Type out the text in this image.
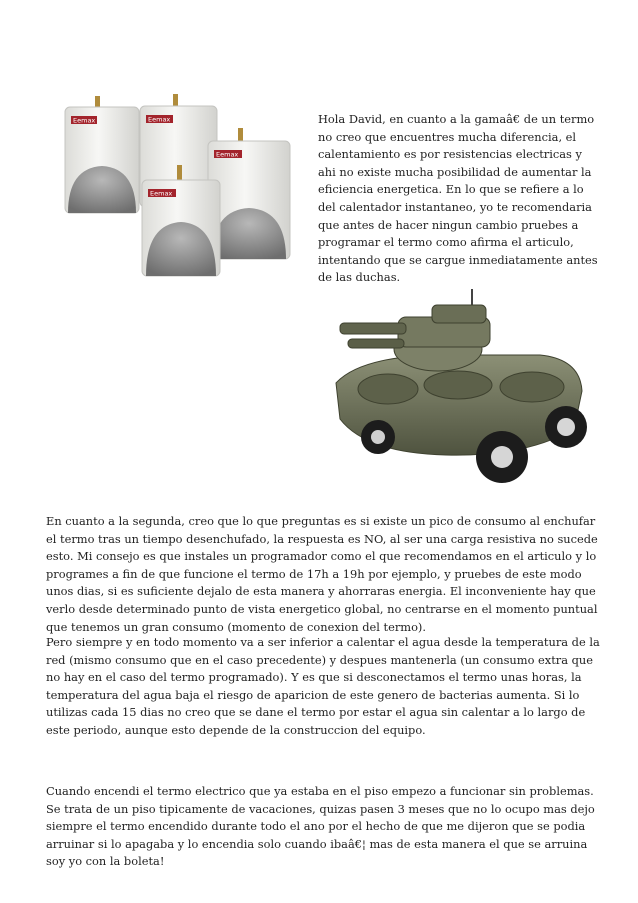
Eemax	Eemax
Eemax
Eemax

Hola David, en cuanto a la gamaâ€ de un termo no creo que encuentres mucha diferencia, el calentamiento es por resistencias electricas y ahi no existe mucha posibilidad de aumentar la eficiencia energetica. En lo que se refiere a lo del calentador instantaneo, yo te recomendaria que antes de hacer ningun cambio pruebes a programar el termo como afirma el articulo, intentando que se cargue inmediatamente antes de las duchas.

En cuanto a la segunda, creo que lo que preguntas es si existe un pico de consumo al enchufar el termo tras un tiempo desenchufado, la respuesta es NO, al ser una carga resistiva no sucede esto. Mi consejo es que instales un programador como el que recomendamos en el articulo y lo programes a fin de que funcione el termo de 17h a 19h por ejemplo, y pruebes de este modo unos dias, si es suficiente dejalo de esta manera y ahorraras energia. El inconveniente hay que verlo desde determinado punto de vista energetico global, no centrarse en el momento puntual que tenemos un gran consumo (momento de conexion del termo).

Pero siempre y en todo momento va a ser inferior a calentar el agua desde la temperatura de la red (mismo consumo que en el caso precedente) y despues mantenerla (un consumo extra que no hay en el caso del termo programado). Y es que si desconectamos el termo unas horas, la temperatura del agua baja el riesgo de aparicion de este genero de bacterias aumenta. Si lo utilizas cada 15 dias no creo que se dane el termo por estar el agua sin calentar a lo largo de este periodo, aunque esto depende de la construccion del equipo.

Cuando encendi el termo electrico que ya estaba en el piso empezo a funcionar sin problemas. Se trata de un piso tipicamente de vacaciones, quizas pasen 3 meses que no lo ocupo mas dejo siempre el termo encendido durante todo el ano por el hecho de que me dijeron que se podia arruinar si lo apagaba y lo encendia solo cuando ibaâ€¦ mas de esta manera el que se arruina soy yo con la boleta!
